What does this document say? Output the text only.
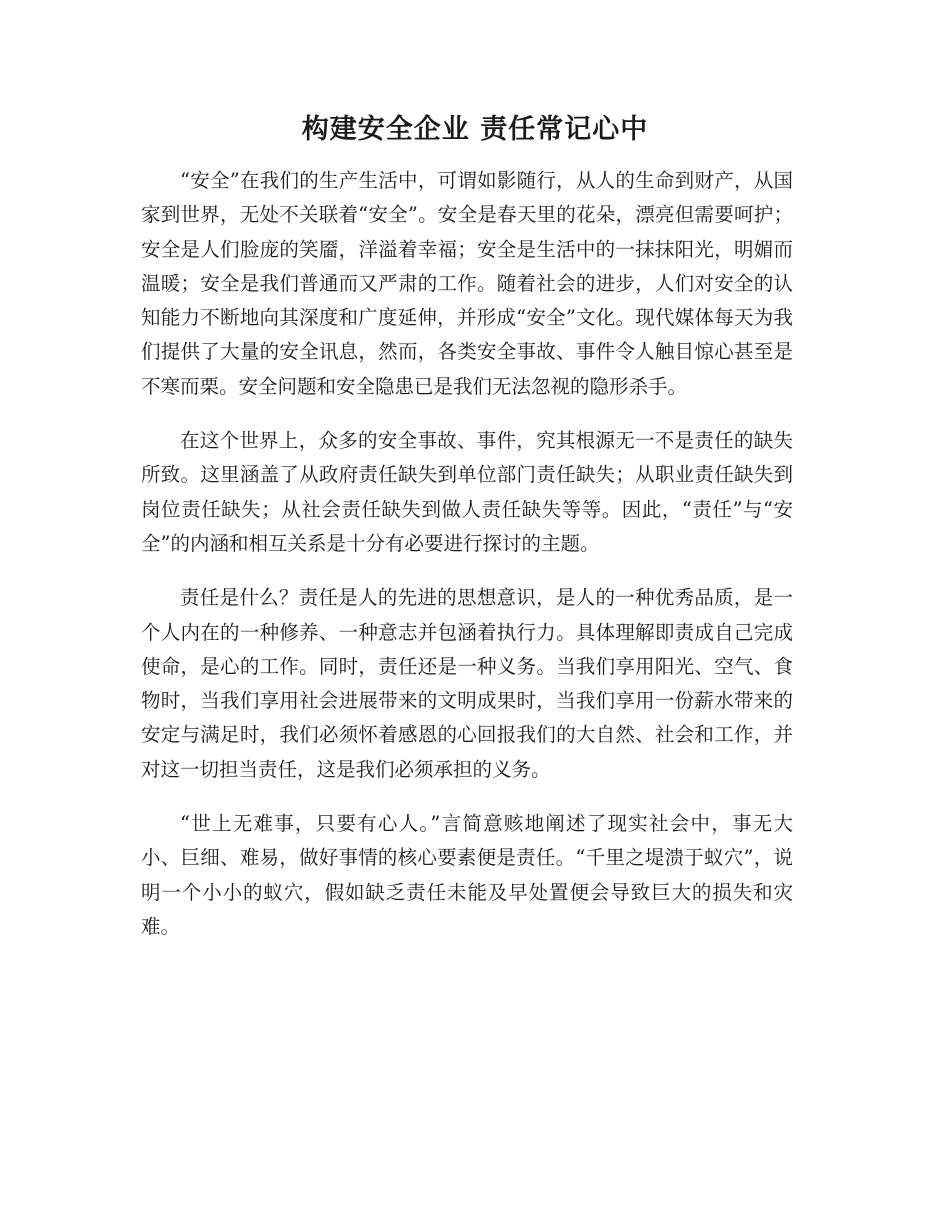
构建安全企业 责任常记心中

“安全”在我们的生产生活中，可谓如影随行，从人的生命到财产，从国家到世界，无处不关联着“安全”。安全是春天里的花朵，漂亮但需要呵护；安全是人们脸庞的笑靥，洋溢着幸福；安全是生活中的一抹抹阳光，明媚而温暖；安全是我们普通而又严肃的工作。随着社会的进步，人们对安全的认知能力不断地向其深度和广度延伸，并形成“安全”文化。现代媒体每天为我们提供了大量的安全讯息，然而，各类安全事故、事件令人触目惊心甚至是不寒而栗。安全问题和安全隐患已是我们无法忽视的隐形杀手。

在这个世界上，众多的安全事故、事件，究其根源无一不是责任的缺失所致。这里涵盖了从政府责任缺失到单位部门责任缺失；从职业责任缺失到岗位责任缺失；从社会责任缺失到做人责任缺失等等。因此，“责任”与“安全”的内涵和相互关系是十分有必要进行探讨的主题。

责任是什么？责任是人的先进的思想意识，是人的一种优秀品质，是一个人内在的一种修养、一种意志并包涵着执行力。具体理解即责成自己完成使命，是心的工作。同时，责任还是一种义务。当我们享用阳光、空气、食物时，当我们享用社会进展带来的文明成果时，当我们享用一份薪水带来的安定与满足时，我们必须怀着感恩的心回报我们的大自然、社会和工作，并对这一切担当责任，这是我们必须承担的义务。

“世上无难事，只要有心人。”言简意赅地阐述了现实社会中，事无大小、巨细、难易，做好事情的核心要素便是责任。“千里之堤溃于蚁穴”，说明一个小小的蚁穴，假如缺乏责任未能及早处置便会导致巨大的损失和灾难。
